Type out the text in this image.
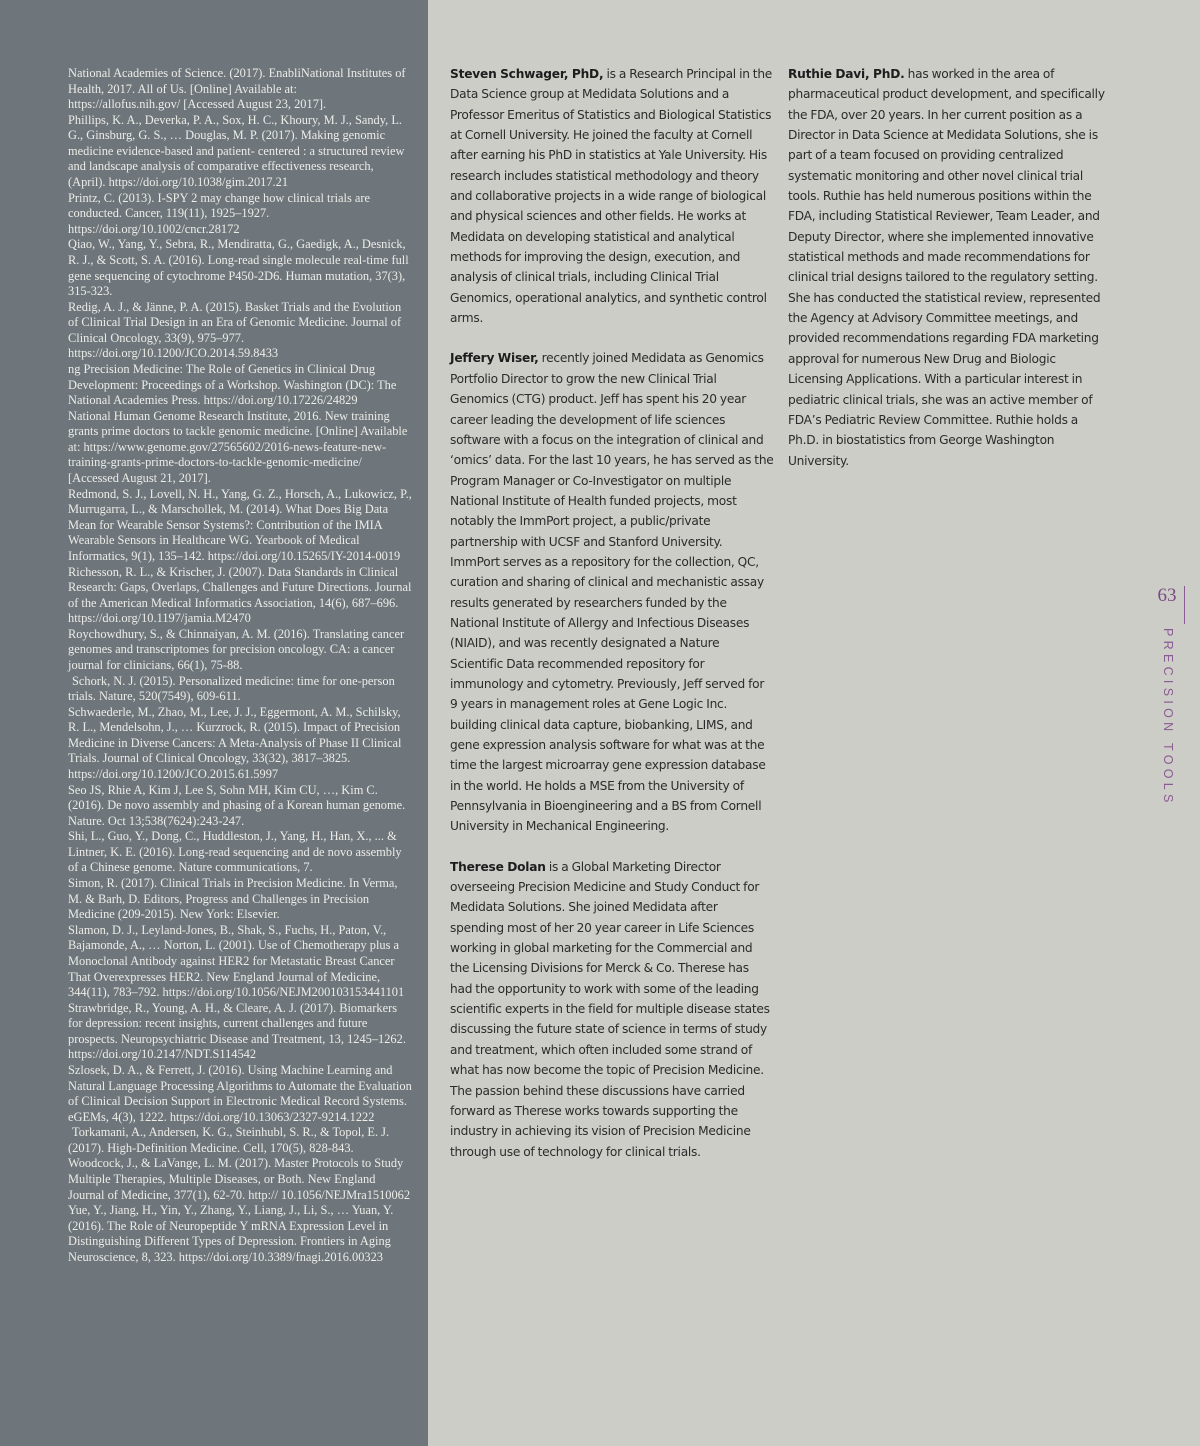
National Academies of Science. (2017). EnabliNational Institutes of Health, 2017. All of Us. [Online] Available at: https://allofus.nih.gov/ [Accessed August 23, 2017].

Phillips, K. A., Deverka, P. A., Sox, H. C., Khoury, M. J., Sandy, L. G., Ginsburg, G. S., … Douglas, M. P. (2017). Making genomic medicine evidence-based and patient- centered : a structured review and landscape analysis of comparative effectiveness research, (April). https://doi.org/10.1038/gim.2017.21

Printz, C. (2013). I-SPY 2 may change how clinical trials are conducted. Cancer, 119(11), 1925–1927. https://doi.org/10.1002/cncr.28172

Qiao, W., Yang, Y., Sebra, R., Mendiratta, G., Gaedigk, A., Desnick, R. J., & Scott, S. A. (2016). Long-read single molecule real-time full gene sequencing of cytochrome P450-2D6. Human mutation, 37(3), 315-323.

Redig, A. J., & Jänne, P. A. (2015). Basket Trials and the Evolution of Clinical Trial Design in an Era of Genomic Medicine. Journal of Clinical Oncology, 33(9), 975–977. https://doi.org/10.1200/JCO.2014.59.8433

ng Precision Medicine: The Role of Genetics in Clinical Drug Development: Proceedings of a Workshop. Washington (DC): The National Academies Press. https://doi.org/10.17226/24829

National Human Genome Research Institute, 2016. New training grants prime doctors to tackle genomic medicine. [Online] Available at: https://www.genome.gov/27565602/2016-news-feature-new-training-grants-prime-doctors-to-tackle-genomic-medicine/ [Accessed August 21, 2017].

Redmond, S. J., Lovell, N. H., Yang, G. Z., Horsch, A., Lukowicz, P., Murrugarra, L., & Marschollek, M. (2014). What Does Big Data Mean for Wearable Sensor Systems?: Contribution of the IMIA Wearable Sensors in Healthcare WG. Yearbook of Medical Informatics, 9(1), 135–142. https://doi.org/10.15265/IY-2014-0019

Richesson, R. L., & Krischer, J. (2007). Data Standards in Clinical Research: Gaps, Overlaps, Challenges and Future Directions. Journal of the American Medical Informatics Association, 14(6), 687–696. https://doi.org/10.1197/jamia.M2470

Roychowdhury, S., & Chinnaiyan, A. M. (2016). Translating cancer genomes and transcriptomes for precision oncology. CA: a cancer journal for clinicians, 66(1), 75-88.

Schork, N. J. (2015). Personalized medicine: time for one-person trials. Nature, 520(7549), 609-611.

Schwaederle, M., Zhao, M., Lee, J. J., Eggermont, A. M., Schilsky, R. L., Mendelsohn, J., … Kurzrock, R. (2015). Impact of Precision Medicine in Diverse Cancers: A Meta-Analysis of Phase II Clinical Trials. Journal of Clinical Oncology, 33(32), 3817–3825. https://doi.org/10.1200/JCO.2015.61.5997

Seo JS, Rhie A, Kim J, Lee S, Sohn MH, Kim CU, …, Kim C. (2016). De novo assembly and phasing of a Korean human genome. Nature. Oct 13;538(7624):243-247.

Shi, L., Guo, Y., Dong, C., Huddleston, J., Yang, H., Han, X., ... & Lintner, K. E. (2016). Long-read sequencing and de novo assembly of a Chinese genome. Nature communications, 7.

Simon, R. (2017). Clinical Trials in Precision Medicine. In Verma, M. & Barh, D. Editors, Progress and Challenges in Precision Medicine (209-2015). New York: Elsevier.

Slamon, D. J., Leyland-Jones, B., Shak, S., Fuchs, H., Paton, V., Bajamonde, A., … Norton, L. (2001). Use of Chemotherapy plus a Monoclonal Antibody against HER2 for Metastatic Breast Cancer That Overexpresses HER2. New England Journal of Medicine, 344(11), 783–792. https://doi.org/10.1056/NEJM200103153441101

Strawbridge, R., Young, A. H., & Cleare, A. J. (2017). Biomarkers for depression: recent insights, current challenges and future prospects. Neuropsychiatric Disease and Treatment, 13, 1245–1262. https://doi.org/10.2147/NDT.S114542

Szlosek, D. A., & Ferrett, J. (2016). Using Machine Learning and Natural Language Processing Algorithms to Automate the Evaluation of Clinical Decision Support in Electronic Medical Record Systems. eGEMs, 4(3), 1222. https://doi.org/10.13063/2327-9214.1222

Torkamani, A., Andersen, K. G., Steinhubl, S. R., & Topol, E. J. (2017). High-Definition Medicine. Cell, 170(5), 828-843.

Woodcock, J., & LaVange, L. M. (2017). Master Protocols to Study Multiple Therapies, Multiple Diseases, or Both. New England Journal of Medicine, 377(1), 62-70. http:// 10.1056/NEJMra1510062

Yue, Y., Jiang, H., Yin, Y., Zhang, Y., Liang, J., Li, S., … Yuan, Y. (2016). The Role of Neuropeptide Y mRNA Expression Level in Distinguishing Different Types of Depression. Frontiers in Aging Neuroscience, 8, 323. https://doi.org/10.3389/fnagi.2016.00323

Steven Schwager, PhD, is a Research Principal in the Data Science group at Medidata Solutions and a Professor Emeritus of Statistics and Biological Statistics at Cornell University. He joined the faculty at Cornell after earning his PhD in statistics at Yale University. His research includes statistical methodology and theory and collaborative projects in a wide range of biological and physical sciences and other fields. He works at Medidata on developing statistical and analytical methods for improving the design, execution, and analysis of clinical trials, including Clinical Trial Genomics, operational analytics, and synthetic control arms.

Jeffery Wiser, recently joined Medidata as Genomics Portfolio Director to grow the new Clinical Trial Genomics (CTG) product. Jeff has spent his 20 year career leading the development of life sciences software with a focus on the integration of clinical and ‘omics’ data. For the last 10 years, he has served as the Program Manager or Co-Investigator on multiple National Institute of Health funded projects, most notably the ImmPort project, a public/private partnership with UCSF and Stanford University. ImmPort serves as a repository for the collection, QC, curation and sharing of clinical and mechanistic assay results generated by researchers funded by the National Institute of Allergy and Infectious Diseases (NIAID), and was recently designated a Nature Scientific Data recommended repository for immunology and cytometry. Previously, Jeff served for 9 years in management roles at Gene Logic Inc. building clinical data capture, biobanking, LIMS, and gene expression analysis software for what was at the time the largest microarray gene expression database in the world. He holds a MSE from the University of Pennsylvania in Bioengineering and a BS from Cornell University in Mechanical Engineering.

Therese Dolan is a Global Marketing Director overseeing Precision Medicine and Study Conduct for Medidata Solutions. She joined Medidata after spending most of her 20 year career in Life Sciences working in global marketing for the Commercial and the Licensing Divisions for Merck & Co. Therese has had the opportunity to work with some of the leading scientific experts in the field for multiple disease states discussing the future state of science in terms of study and treatment, which often included some strand of what has now become the topic of Precision Medicine. The passion behind these discussions have carried forward as Therese works towards supporting the industry in achieving its vision of Precision Medicine through use of technology for clinical trials.

Ruthie Davi, PhD. has worked in the area of pharmaceutical product development, and specifically the FDA, over 20 years. In her current position as a Director in Data Science at Medidata Solutions, she is part of a team focused on providing centralized systematic monitoring and other novel clinical trial tools. Ruthie has held numerous positions within the FDA, including Statistical Reviewer, Team Leader, and Deputy Director, where she implemented innovative statistical methods and made recommendations for clinical trial designs tailored to the regulatory setting. She has conducted the statistical review, represented the Agency at Advisory Committee meetings, and provided recommendations regarding FDA marketing approval for numerous New Drug and Biologic Licensing Applications. With a particular interest in pediatric clinical trials, she was an active member of FDA’s Pediatric Review Committee. Ruthie holds a Ph.D. in biostatistics from George Washington University.

63
PRECISION TOOLS
